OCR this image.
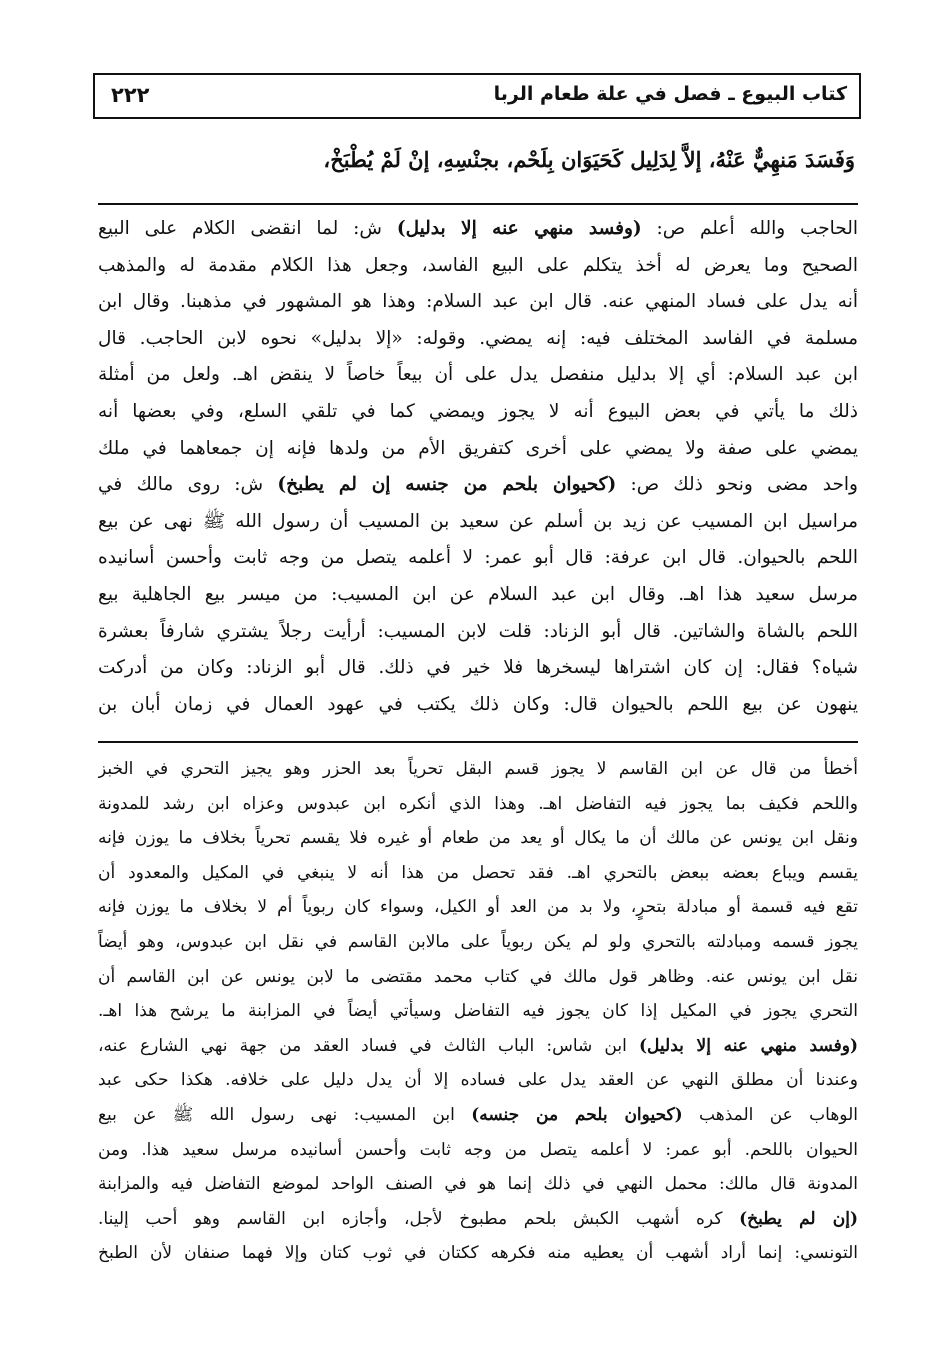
كتاب البيوع ـ فصل في علة طعام الربا
٢٢٢
وَفَسَدَ مَنهِيٌّ عَنْهُ، إلاَّ لِدَلِيل كَحَيَوَان بِلَحْم، بجنْسِهِ، إنْ لَمْ يُطْبَخْ،
الحاجب والله أعلم ص: (وفسد منهي عنه إلا بدليل) ش: لما انقضى الكلام على البيع
الصحيح وما يعرض له أخذ يتكلم على البيع الفاسد، وجعل هذا الكلام مقدمة له والمذهب
أنه يدل على فساد المنهي عنه. قال ابن عبد السلام: وهذا هو المشهور في مذهبنا. وقال ابن
مسلمة في الفاسد المختلف فيه: إنه يمضي. وقوله: «إلا بدليل» نحوه لابن الحاجب. قال
ابن عبد السلام: أي إلا بدليل منفصل يدل على أن بيعاً خاصاً لا ينقض اهـ. ولعل من أمثلة
ذلك ما يأتي في بعض البيوع أنه لا يجوز ويمضي كما في تلقي السلع، وفي بعضها أنه
يمضي على صفة ولا يمضي على أخرى كتفريق الأم من ولدها فإنه إن جمعاهما في ملك
واحد مضى ونحو ذلك ص: (كحيوان بلحم من جنسه إن لم يطبخ) ش: روى مالك في
مراسيل ابن المسيب عن زيد بن أسلم عن سعيد بن المسيب أن رسول الله ﷺ نهى عن بيع
اللحم بالحيوان. قال ابن عرفة: قال أبو عمر: لا أعلمه يتصل من وجه ثابت وأحسن أسانيده
مرسل سعيد هذا اهـ. وقال ابن عبد السلام عن ابن المسيب: من ميسر بيع الجاهلية بيع
اللحم بالشاة والشاتين. قال أبو الزناد: قلت لابن المسيب: أرأيت رجلاً يشتري شارفاً بعشرة
شياه؟ فقال: إن كان اشتراها ليسخرها فلا خير في ذلك. قال أبو الزناد: وكان من أدركت
ينهون عن بيع اللحم بالحيوان قال: وكان ذلك يكتب في عهود العمال في زمان أبان بن
أخطأ من قال عن ابن القاسم لا يجوز قسم البقل تحرياً بعد الحزر وهو يجيز التحري في الخبز
واللحم فكيف بما يجوز فيه التفاضل اهـ. وهذا الذي أنكره ابن عبدوس وعزاه ابن رشد للمدونة
ونقل ابن يونس عن مالك أن ما يكال أو يعد من طعام أو غيره فلا يقسم تحرياً بخلاف ما يوزن فإنه
يقسم ويباع بعضه ببعض بالتحري اهـ. فقد تحصل من هذا أنه لا ينبغي في المكيل والمعدود أن
تقع فيه قسمة أو مبادلة بتحرٍ، ولا بد من العد أو الكيل، وسواء كان ربوياً أم لا بخلاف ما يوزن فإنه
يجوز قسمه ومبادلته بالتحري ولو لم يكن ربوياً على مالابن القاسم في نقل ابن عبدوس، وهو أيضاً
نقل ابن يونس عنه. وظاهر قول مالك في كتاب محمد مقتضى ما لابن يونس عن ابن القاسم أن
التحري يجوز في المكيل إذا كان يجوز فيه التفاضل وسيأتي أيضاً في المزابنة ما يرشح هذا اهـ.
(وفسد منهي عنه إلا بدليل) ابن شاس: الباب الثالث في فساد العقد من جهة نهي الشارع عنه،
وعندنا أن مطلق النهي عن العقد يدل على فساده إلا أن يدل دليل على خلافه. هكذا حكى عبد
الوهاب عن المذهب (كحيوان بلحم من جنسه) ابن المسيب: نهى رسول الله ﷺ عن بيع
الحيوان باللحم. أبو عمر: لا أعلمه يتصل من وجه ثابت وأحسن أسانيده مرسل سعيد هذا. ومن
المدونة قال مالك: محمل النهي في ذلك إنما هو في الصنف الواحد لموضع التفاضل فيه والمزابنة
(إن لم يطبخ) كره أشهب الكبش بلحم مطبوخ لأجل، وأجازه ابن القاسم وهو أحب إلينا.
التونسي: إنما أراد أشهب أن يعطيه منه فكرهه ككتان في ثوب كتان وإلا فهما صنفان لأن الطبخ
